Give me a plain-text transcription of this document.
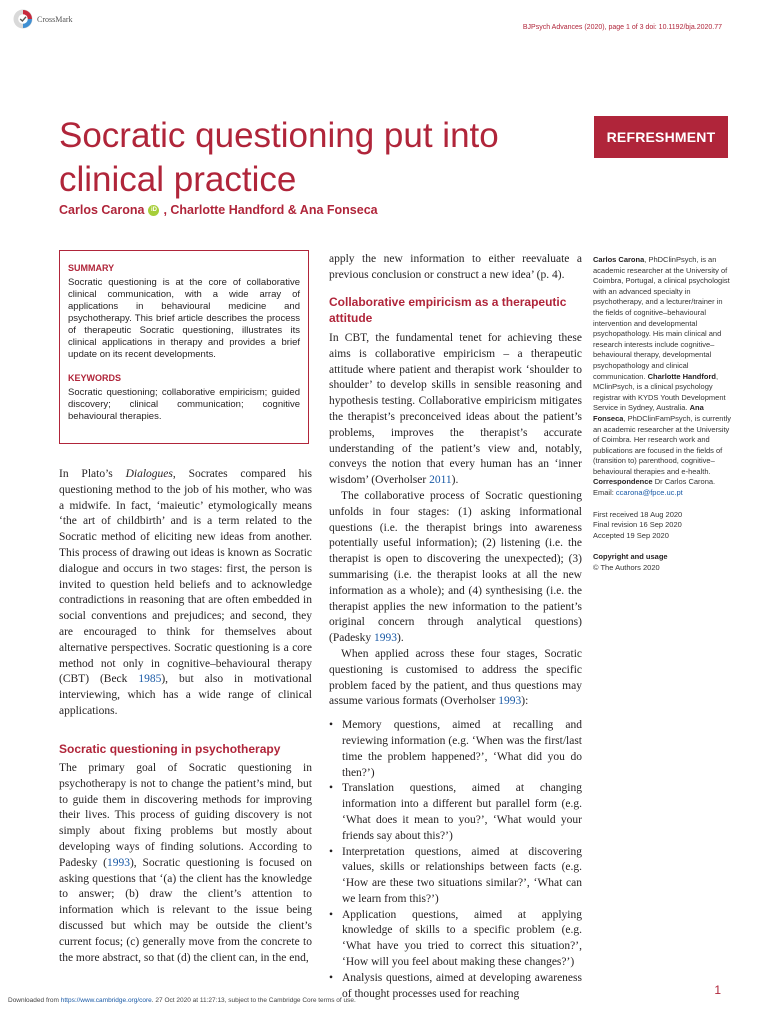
CrossMark
BJPsych Advances (2020), page 1 of 3 doi: 10.1192/bja.2020.77
Socratic questioning put into clinical practice
REFRESHMENT
Carlos Carona	iD , Charlotte Handford & Ana Fonseca
SUMMARY

Socratic questioning is at the core of collaborative clinical communication, with a wide array of applications in behavioural medicine and psychotherapy. This brief article describes the process of therapeutic Socratic questioning, illustrates its clinical applications in therapy and provides a brief update on its recent developments.

KEYWORDS

Socratic questioning; collaborative empiricism; guided discovery; clinical communication; cognitive behavioural therapies.

In Plato’s Dialogues, Socrates compared his questioning method to the job of his mother, who was a midwife. In fact, ‘maieutic’ etymologically means ‘the art of childbirth’ and is a term related to the Socratic method of eliciting new ideas from another. This process of drawing out ideas is known as Socratic dialogue and occurs in two stages: first, the person is invited to question held beliefs and to acknowledge contradictions in reasoning that are often embedded in social conventions and prejudices; and second, they are encouraged to think for themselves about alternative perspectives. Socratic questioning is a core method not only in cognitive–behavioural therapy (CBT) (Beck 1985), but also in motivational interviewing, which has a wide range of clinical applications.

Socratic questioning in psychotherapy

The primary goal of Socratic questioning in psychotherapy is not to change the patient’s mind, but to guide them in discovering methods for improving their lives. This process of guiding discovery is not simply about fixing problems but mostly about developing ways of finding solutions. According to Padesky (1993), Socratic questioning is focused on asking questions that ‘(a) the client has the knowledge to answer; (b) draw the client’s attention to information which is relevant to the issue being discussed but which may be outside the client’s current focus; (c) generally move from the concrete to the more abstract, so that (d) the client can, in the end,

apply the new information to either reevaluate a previous conclusion or construct a new idea’ (p. 4).

Collaborative empiricism as a therapeutic attitude

In CBT, the fundamental tenet for achieving these aims is collaborative empiricism – a therapeutic attitude where patient and therapist work ‘shoulder to shoulder’ to develop skills in sensible reasoning and hypothesis testing. Collaborative empiricism mitigates the therapist’s preconceived ideas about the patient’s problems, improves the therapist’s accurate understanding of the patient’s view and, notably, conveys the notion that every human has an ‘inner wisdom’ (Overholser 2011).

The collaborative process of Socratic questioning unfolds in four stages: (1) asking informational questions (i.e. the therapist brings into awareness potentially useful information); (2) listening (i.e. the therapist is open to discovering the unexpected); (3) summarising (i.e. the therapist looks at all the new information as a whole); and (4) synthesising (i.e. the therapist applies the new information to the patient’s original concern through analytical questions) (Padesky 1993).

When applied across these four stages, Socratic questioning is customised to address the specific problem faced by the patient, and thus questions may assume various formats (Overholser 1993):

• Memory questions, aimed at recalling and reviewing information (e.g. ‘When was the first/last time the problem happened?’, ‘What did you do then?’)
• Translation questions, aimed at changing information into a different but parallel form (e.g. ‘What does it mean to you?’, ‘What would your friends say about this?’)
• Interpretation questions, aimed at discovering values, skills or relationships between facts (e.g. ‘How are these two situations similar?’, ‘What can we learn from this?’)
• Application questions, aimed at applying knowledge of skills to a specific problem (e.g. ‘What have you tried to correct this situation?’, ‘How will you feel about making these changes?’)
• Analysis questions, aimed at developing awareness of thought processes used for reaching

Carlos Carona, PhDClinPsych, is an academic researcher at the University of Coimbra, Portugal, a clinical psychologist with an advanced specialty in psychotherapy, and a lecturer/trainer in the fields of cognitive–behavioural intervention and developmental psychopathology. His main clinical and research interests include cognitive–behavioural therapy, developmental psychopathology and clinical communication. Charlotte Handford, MClinPsych, is a clinical psychology registrar with KYDS Youth Development Service in Sydney, Australia. Ana Fonseca, PhDClinFamPsych, is currently an academic researcher at the University of Coimbra. Her research work and publications are focused in the fields of (transition to) parenthood, cognitive–behavioural therapies and e-health.

Correspondence Dr Carlos Carona.

Email: ccarona@fpce.uc.pt

First received 18 Aug 2020

Final revision 16 Sep 2020

Accepted 19 Sep 2020

Copyright and usage

© The Authors 2020

1
Downloaded from https://www.cambridge.org/core. 27 Oct 2020 at 11:27:13, subject to the Cambridge Core terms of use.
